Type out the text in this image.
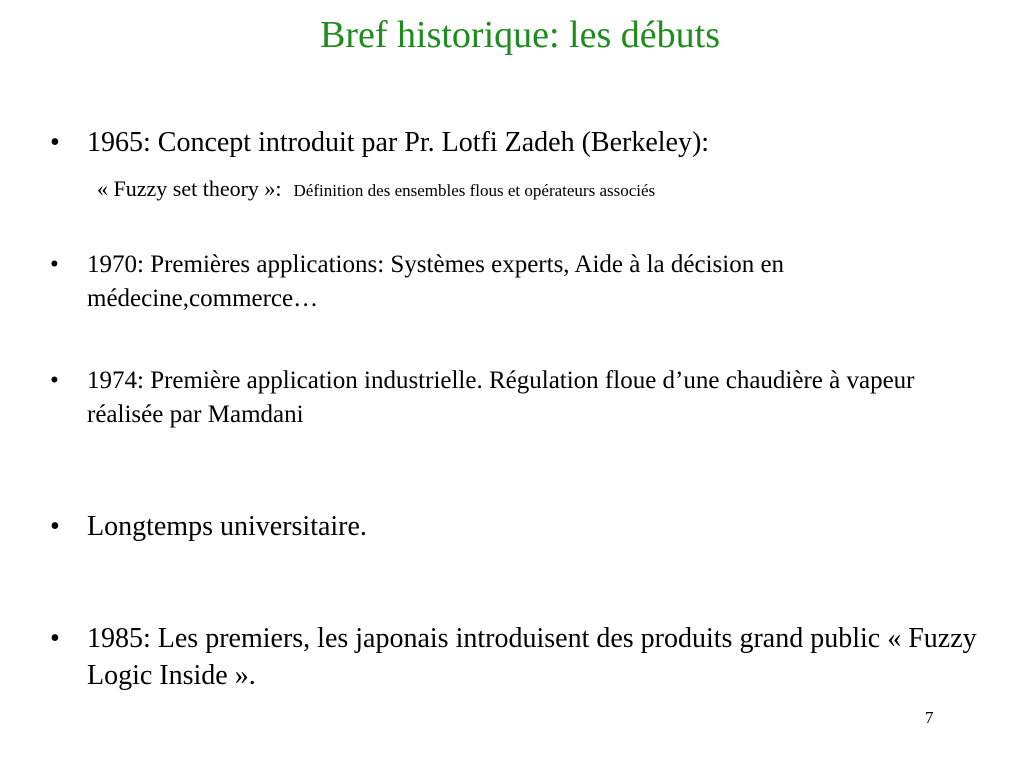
Bref historique: les débuts
• 1965: Concept introduit par Pr. Lotfi Zadeh (Berkeley):
« Fuzzy set theory »: Définition des ensembles flous et opérateurs associés
• 1970: Premières applications: Systèmes experts, Aide à la décision en médecine,commerce…
• 1974: Première application industrielle. Régulation floue d’une chaudière à vapeur réalisée par Mamdani
• Longtemps universitaire.
• 1985: Les premiers, les japonais introduisent des produits grand public « Fuzzy Logic Inside ».
7
